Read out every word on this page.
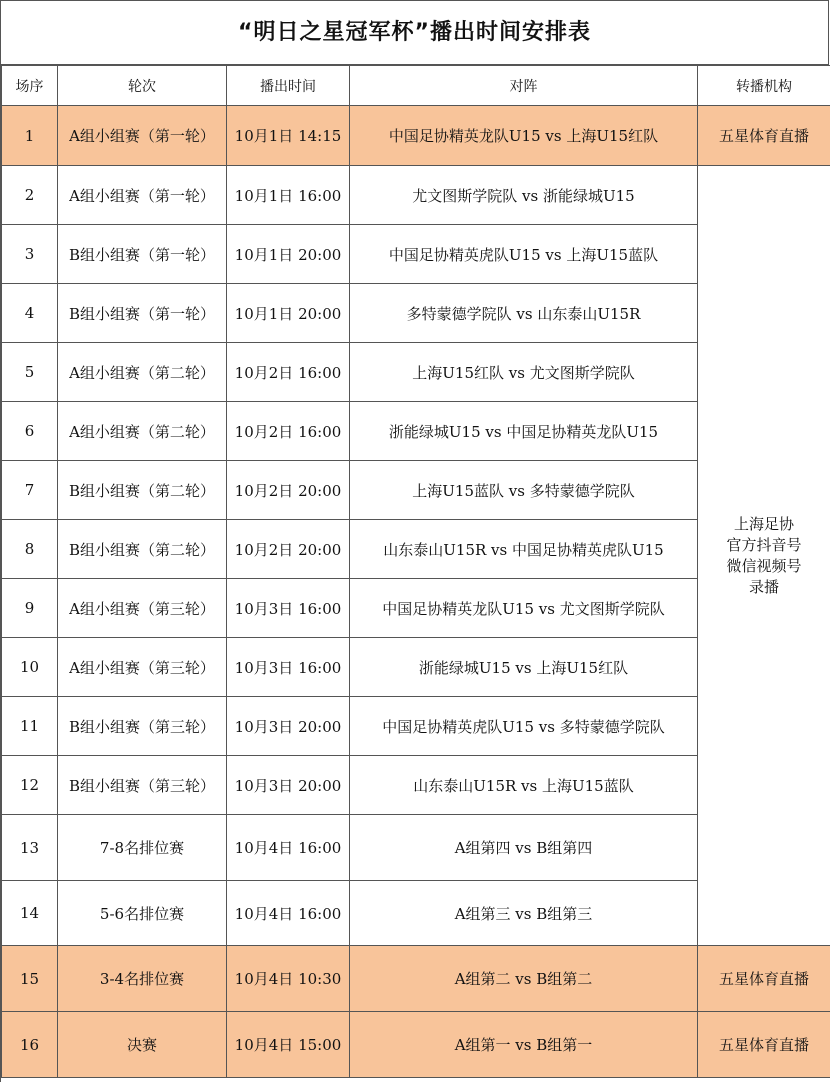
“明日之星冠军杯”播出时间安排表
场序	轮次	播出时间	对阵	转播机构
1	A组小组赛（第一轮）	10月1日 14:15	中国足协精英龙队U15 vs 上海U15红队	五星体育直播
2	A组小组赛（第一轮）	10月1日 16:00	尤文图斯学院队 vs 浙能绿城U15	上海足协
官方抖音号
微信视频号
录播

3	B组小组赛（第一轮）	10月1日 20:00	中国足协精英虎队U15 vs 上海U15蓝队	
4	B组小组赛（第一轮）	10月1日 20:00	多特蒙德学院队 vs 山东泰山U15R	
5	A组小组赛（第二轮）	10月2日 16:00	上海U15红队 vs 尤文图斯学院队	
6	A组小组赛（第二轮）	10月2日 16:00	浙能绿城U15 vs 中国足协精英龙队U15	
7	B组小组赛（第二轮）	10月2日 20:00	上海U15蓝队 vs 多特蒙德学院队	
8	B组小组赛（第二轮）	10月2日 20:00	山东泰山U15R vs 中国足协精英虎队U15	
9	A组小组赛（第三轮）	10月3日 16:00	中国足协精英龙队U15 vs 尤文图斯学院队	
10	A组小组赛（第三轮）	10月3日 16:00	浙能绿城U15 vs 上海U15红队	
11	B组小组赛（第三轮）	10月3日 20:00	中国足协精英虎队U15 vs 多特蒙德学院队	
12	B组小组赛（第三轮）	10月3日 20:00	山东泰山U15R vs 上海U15蓝队	
13	7-8名排位赛	10月4日 16:00	A组第四 vs B组第四	
14	5-6名排位赛	10月4日 16:00	A组第三 vs B组第三	
15	3-4名排位赛	10月4日 10:30	A组第二 vs B组第二	五星体育直播
16	决赛	10月4日 15:00	A组第一 vs B组第一	五星体育直播
